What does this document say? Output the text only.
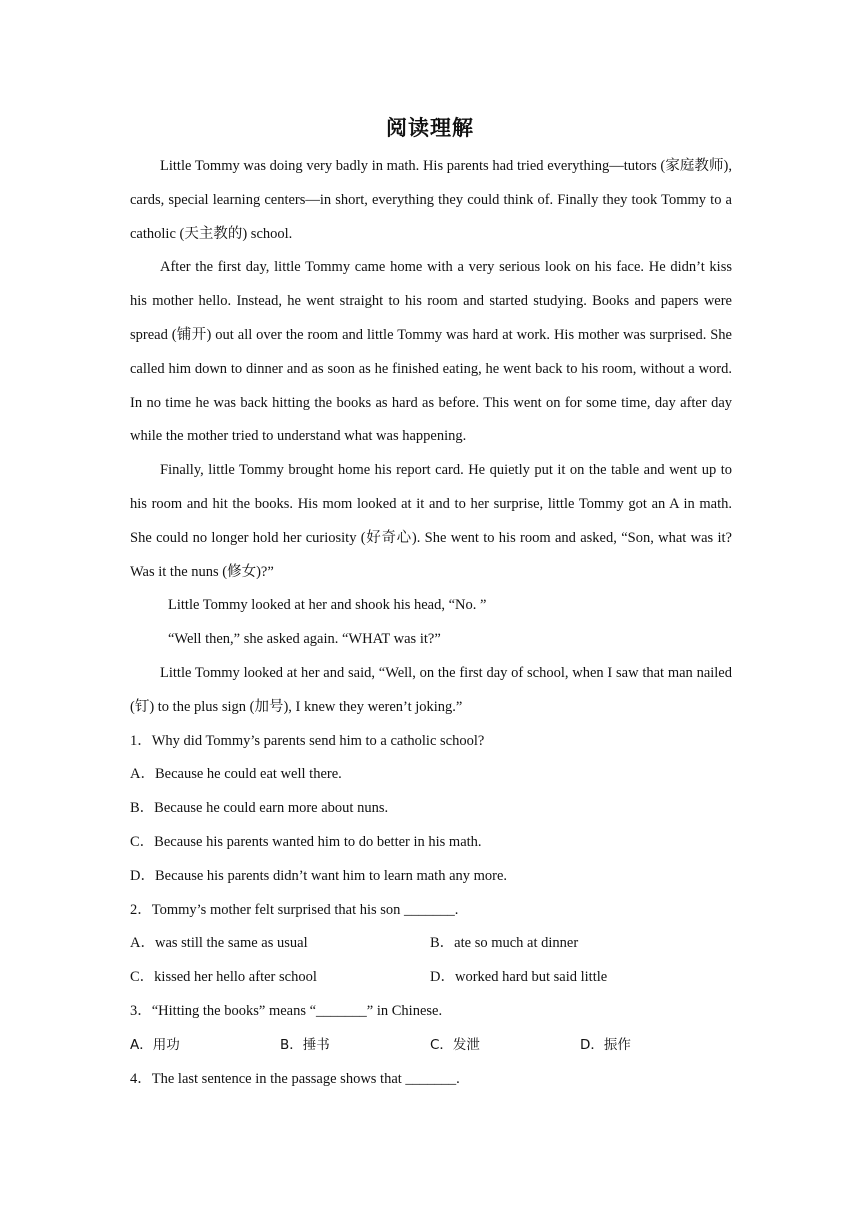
阅读理解

Little Tommy was doing very badly in math. His parents had tried everything—tutors (家庭教师), cards, special learning centers—in short, everything they could think of. Finally they took Tommy to a catholic (天主教的) school.

After the first day, little Tommy came home with a very serious look on his face. He didn’t kiss his mother hello. Instead, he went straight to his room and started studying. Books and papers were spread (铺开) out all over the room and little Tommy was hard at work. His mother was surprised. She called him down to dinner and as soon as he finished eating, he went back to his room, without a word. In no time he was back hitting the books as hard as before. This went on for some time, day after day while the mother tried to understand what was happening.

Finally, little Tommy brought home his report card. He quietly put it on the table and went up to his room and hit the books. His mom looked at it and to her surprise, little Tommy got an A in math. She could no longer hold her curiosity (好奇心). She went to his room and asked, “Son, what was it? Was it the nuns (修女)?”

Little Tommy looked at her and shook his head, “No. ”

“Well then,” she asked again. “WHAT was it?”

Little Tommy looked at her and said, “Well, on the first day of school, when I saw that man nailed (钉) to the plus sign (加号), I knew they weren’t joking.”

1．Why did Tommy’s parents send him to a catholic school?

A．Because he could eat well there.

B．Because he could earn more about nuns.

C．Because his parents wanted him to do better in his math.

D．Because his parents didn’t want him to learn math any more.

2．Tommy’s mother felt surprised that his son _______.

A．was still the same as usual	B．ate so much at dinner
C．kissed her hello after school	D．worked hard but said little

3．“Hitting the books” means “_______” in Chinese.

A．用功	B．捶书	C．发泄	D．振作

4．The last sentence in the passage shows that _______.
